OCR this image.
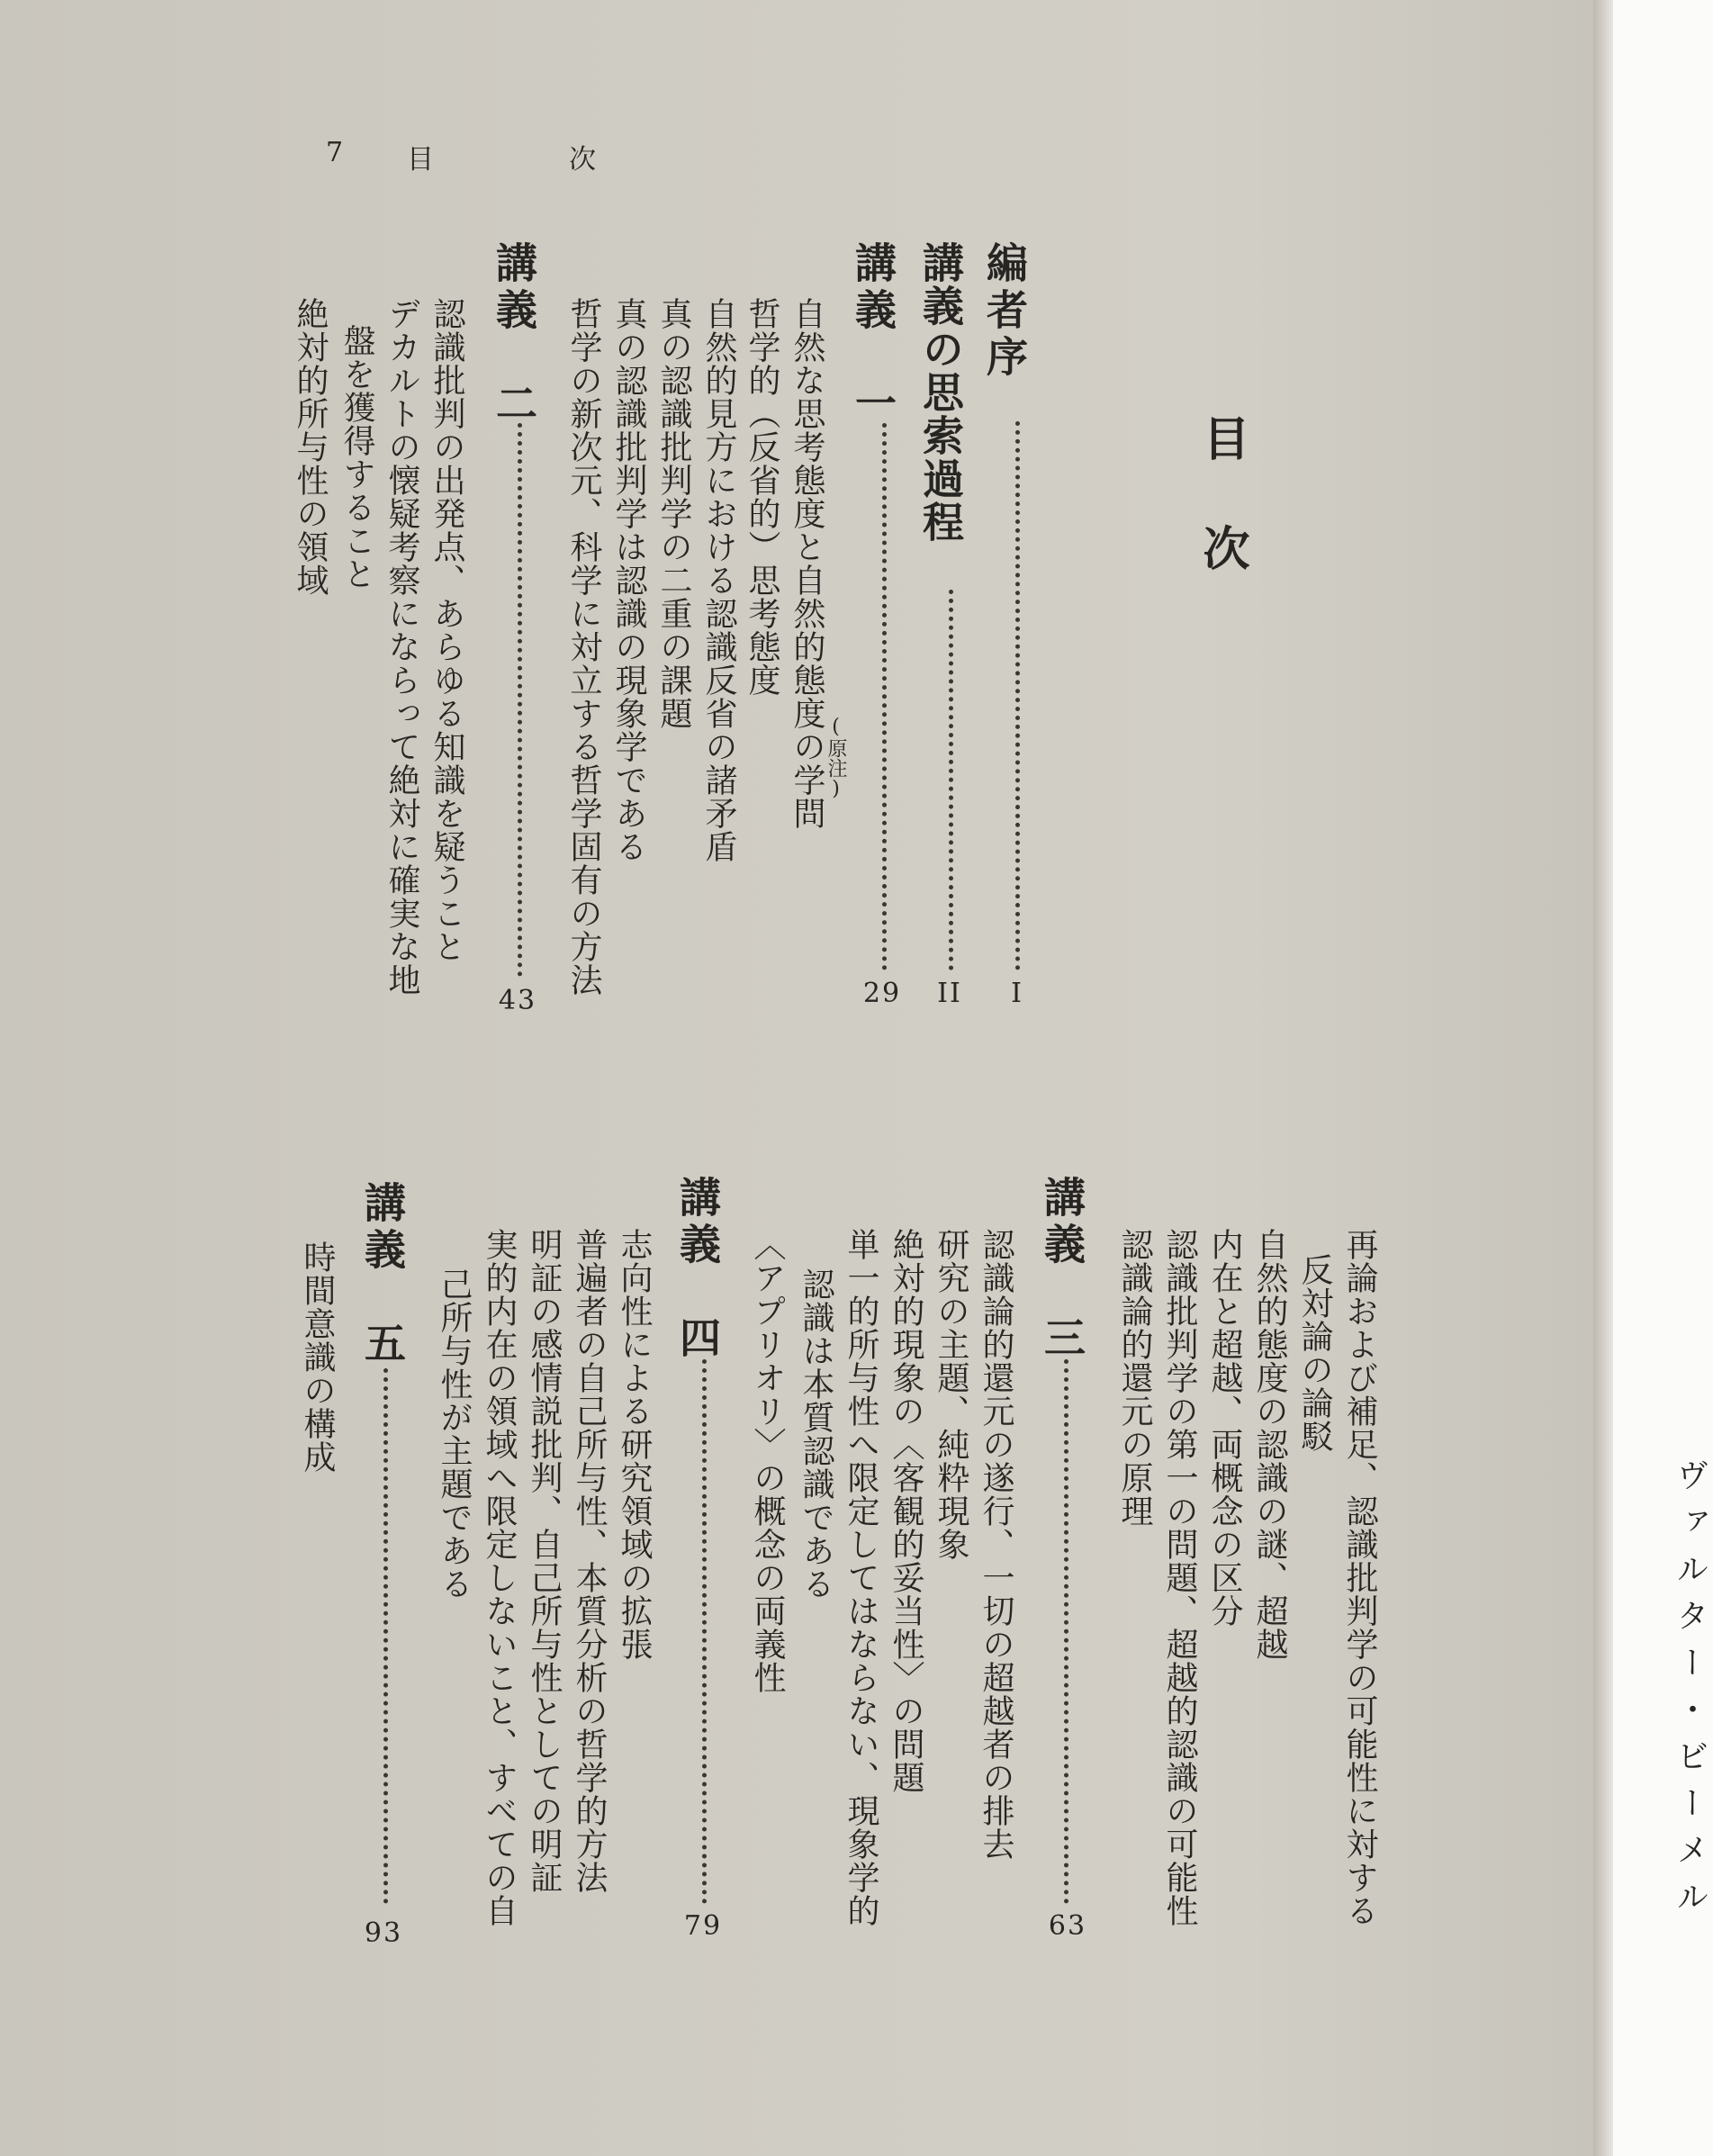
7 目　次
目次
編者序
I
講義の思索過程
II
講義　一
29
自然な思考態度と自然的態度の学問 (原注)
哲学的（反省的）思考態度
自然的見方における認識反省の諸矛盾
真の認識批判学の二重の課題
真の認識批判学は認識の現象学である
哲学の新次元、科学に対立する哲学固有の方法
講義　二
43
認識批判の出発点、あらゆる知識を疑うこと
デカルトの懐疑考察にならって絶対に確実な地
盤を獲得すること
絶対的所与性の領域
再論および補足、認識批判学の可能性に対する
反対論の論駁
自然的態度の認識の謎、超越
内在と超越、両概念の区分
認識批判学の第一の問題、超越的認識の可能性
認識論的還元の原理
講義　三
63
認識論的還元の遂行、一切の超越者の排去
研究の主題、純粋現象
絶対的現象の〈客観的妥当性〉の問題
単一的所与性へ限定してはならない、現象学的
認識は本質認識である
〈アプリオリ〉の概念の両義性
講義　四
79
志向性による研究領域の拡張
普遍者の自己所与性、本質分析の哲学的方法
明証の感情説批判、自己所与性としての明証
実的内在の領域へ限定しないこと、すべての自
己所与性が主題である
講義　五
93
時間意識の構成
ヴァルター・ビーメル
